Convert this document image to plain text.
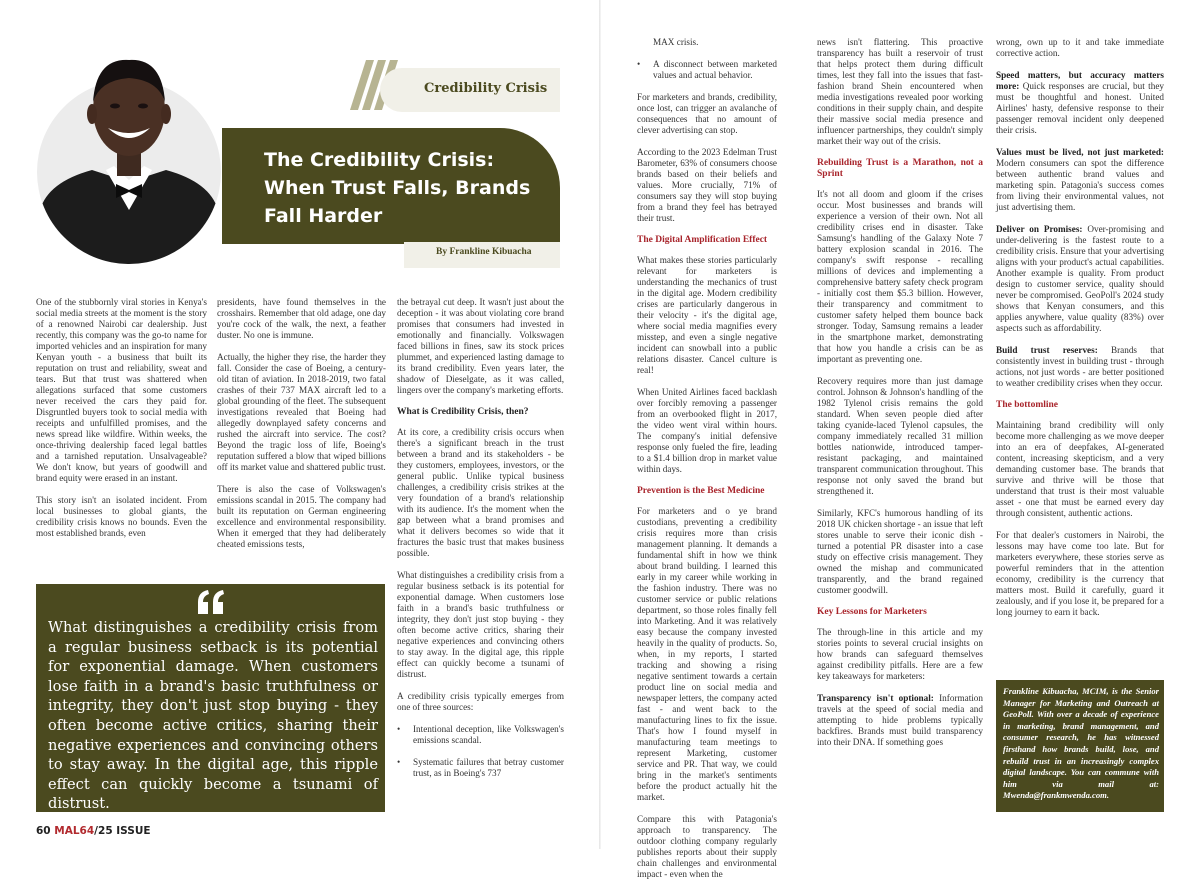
Credibility Crisis
The Credibility Crisis: When Trust Falls, Brands Fall Harder
By Frankline Kibuacha

One of the stubbornly viral stories in Kenya's social media streets at the moment is the story of a renowned Nairobi car dealership. Just recently, this company was the go-to name for imported vehicles and an inspiration for many Kenyan youth - a business that built its reputation on trust and reliability, sweat and tears. But that trust was shattered when allegations surfaced that some customers never received the cars they paid for. Disgruntled buyers took to social media with receipts and unfulfilled promises, and the news spread like wildfire. Within weeks, the once-thriving dealership faced legal battles and a tarnished reputation. Unsalvageable? We don't know, but years of goodwill and brand equity were erased in an instant.

This story isn't an isolated incident. From local businesses to global giants, the credibility crisis knows no bounds. Even the most established brands, even

presidents, have found themselves in the crosshairs. Remember that old adage, one day you're cock of the walk, the next, a feather duster. No one is immune.

Actually, the higher they rise, the harder they fall. Consider the case of Boeing, a century-old titan of aviation. In 2018-2019, two fatal crashes of their 737 MAX aircraft led to a global grounding of the fleet. The subsequent investigations revealed that Boeing had allegedly downplayed safety concerns and rushed the aircraft into service. The cost? Beyond the tragic loss of life, Boeing's reputation suffered a blow that wiped billions off its market value and shattered public trust.

There is also the case of Volkswagen's emissions scandal in 2015. The company had built its reputation on German engineering excellence and environmental responsibility. When it emerged that they had deliberately cheated emissions tests,

the betrayal cut deep. It wasn't just about the deception - it was about violating core brand promises that consumers had invested in emotionally and financially. Volkswagen faced billions in fines, saw its stock prices plummet, and experienced lasting damage to its brand credibility. Even years later, the shadow of Dieselgate, as it was called, lingers over the company's marketing efforts.

What is Credibility Crisis, then?

At its core, a credibility crisis occurs when there's a significant breach in the trust between a brand and its stakeholders - be they customers, employees, investors, or the general public. Unlike typical business challenges, a credibility crisis strikes at the very foundation of a brand's relationship with its audience. It's the moment when the gap between what a brand promises and what it delivers becomes so wide that it fractures the basic trust that makes business possible.

What distinguishes a credibility crisis from a regular business setback is its potential for exponential damage. When customers lose faith in a brand's basic truthfulness or integrity, they don't just stop buying - they often become active critics, sharing their negative experiences and convincing others to stay away. In the digital age, this ripple effect can quickly become a tsunami of distrust.

A credibility crisis typically emerges from one of three sources:

• Intentional deception, like Volkswagen's emissions scandal.
• Systematic failures that betray customer trust, as in Boeing's 737
What distinguishes a credibility crisis from a regular business setback is its potential for exponential damage. When customers lose faith in a brand's basic truthfulness or integrity, they don't just stop buying - they often become active critics, sharing their negative experiences and convincing others to stay away. In the digital age, this ripple effect can quickly become a tsunami of distrust.

MAX crisis.

• A disconnect between marketed values and actual behavior.

For marketers and brands, credibility, once lost, can trigger an avalanche of consequences that no amount of clever advertising can stop.

According to the 2023 Edelman Trust Barometer, 63% of consumers choose brands based on their beliefs and values. More crucially, 71% of consumers say they will stop buying from a brand they feel has betrayed their trust.

The Digital Amplification Effect

What makes these stories particularly relevant for marketers is understanding the mechanics of trust in the digital age. Modern credibility crises are particularly dangerous in their velocity - it's the digital age, where social media magnifies every misstep, and even a single negative incident can snowball into a public relations disaster. Cancel culture is real!

When United Airlines faced backlash over forcibly removing a passenger from an overbooked flight in 2017, the video went viral within hours. The company's initial defensive response only fueled the fire, leading to a $1.4 billion drop in market value within days.

Prevention is the Best Medicine

For marketers and o ye brand custodians, preventing a credibility crisis requires more than crisis management planning. It demands a fundamental shift in how we think about brand building. I learned this early in my career while working in the fashion industry. There was no customer service or public relations department, so those roles finally fell into Marketing. And it was relatively easy because the company invested heavily in the quality of products. So, when, in my reports, I started tracking and showing a rising negative sentiment towards a certain product line on social media and newspaper letters, the company acted fast - and went back to the manufacturing lines to fix the issue. That's how I found myself in manufacturing team meetings to represent Marketing, customer service and PR. That way, we could bring in the market's sentiments before the product actually hit the market.

Compare this with Patagonia's approach to transparency. The outdoor clothing company regularly publishes reports about their supply chain challenges and environmental impact - even when the

news isn't flattering. This proactive transparency has built a reservoir of trust that helps protect them during difficult times, lest they fall into the issues that fast-fashion brand Shein encountered when media investigations revealed poor working conditions in their supply chain, and despite their massive social media presence and influencer partnerships, they couldn't simply market their way out of the crisis.

Rebuilding Trust is a Marathon, not a Sprint

It's not all doom and gloom if the crises occur. Most businesses and brands will experience a version of their own. Not all credibility crises end in disaster. Take Samsung's handling of the Galaxy Note 7 battery explosion scandal in 2016. The company's swift response - recalling millions of devices and implementing a comprehensive battery safety check program - initially cost them $5.3 billion. However, their transparency and commitment to customer safety helped them bounce back stronger. Today, Samsung remains a leader in the smartphone market, demonstrating that how you handle a crisis can be as important as preventing one.

Recovery requires more than just damage control. Johnson & Johnson's handling of the 1982 Tylenol crisis remains the gold standard. When seven people died after taking cyanide-laced Tylenol capsules, the company immediately recalled 31 million bottles nationwide, introduced tamper-resistant packaging, and maintained transparent communication throughout. This response not only saved the brand but strengthened it.

Similarly, KFC's humorous handling of its 2018 UK chicken shortage - an issue that left stores unable to serve their iconic dish - turned a potential PR disaster into a case study on effective crisis management. They owned the mishap and communicated transparently, and the brand regained customer goodwill.

Key Lessons for Marketers

The through-line in this article and my stories points to several crucial insights on how brands can safeguard themselves against credibility pitfalls. Here are a few key takeaways for marketers:

Transparency isn't optional: Information travels at the speed of social media and attempting to hide problems typically backfires. Brands must build transparency into their DNA. If something goes

wrong, own up to it and take immediate corrective action.

Speed matters, but accuracy matters more: Quick responses are crucial, but they must be thoughtful and honest. United Airlines' hasty, defensive response to their passenger removal incident only deepened their crisis.

Values must be lived, not just marketed: Modern consumers can spot the difference between authentic brand values and marketing spin. Patagonia's success comes from living their environmental values, not just advertising them.

Deliver on Promises: Over-promising and under-delivering is the fastest route to a credibility crisis. Ensure that your advertising aligns with your product's actual capabilities. Another example is quality. From product design to customer service, quality should never be compromised. GeoPoll's 2024 study shows that Kenyan consumers, and this applies anywhere, value quality (83%) over aspects such as affordability.

Build trust reserves: Brands that consistently invest in building trust - through actions, not just words - are better positioned to weather credibility crises when they occur.

The bottomline

Maintaining brand credibility will only become more challenging as we move deeper into an era of deepfakes, AI-generated content, increasing skepticism, and a very demanding customer base. The brands that survive and thrive will be those that understand that trust is their most valuable asset - one that must be earned every day through consistent, authentic actions.

For that dealer's customers in Nairobi, the lessons may have come too late. But for marketers everywhere, these stories serve as powerful reminders that in the attention economy, credibility is the currency that matters most. Build it carefully, guard it zealously, and if you lose it, be prepared for a long journey to earn it back.

Frankline Kibuacha, MCIM, is the Senior Manager for Marketing and Outreach at GeoPoll. With over a decade of experience in marketing, brand management, and consumer research, he has witnessed firsthand how brands build, lose, and rebuild trust in an increasingly complex digital landscape. You can commune with him via mail at: Mwenda@frankmwenda.com.
60 MAL64/25 ISSUE
